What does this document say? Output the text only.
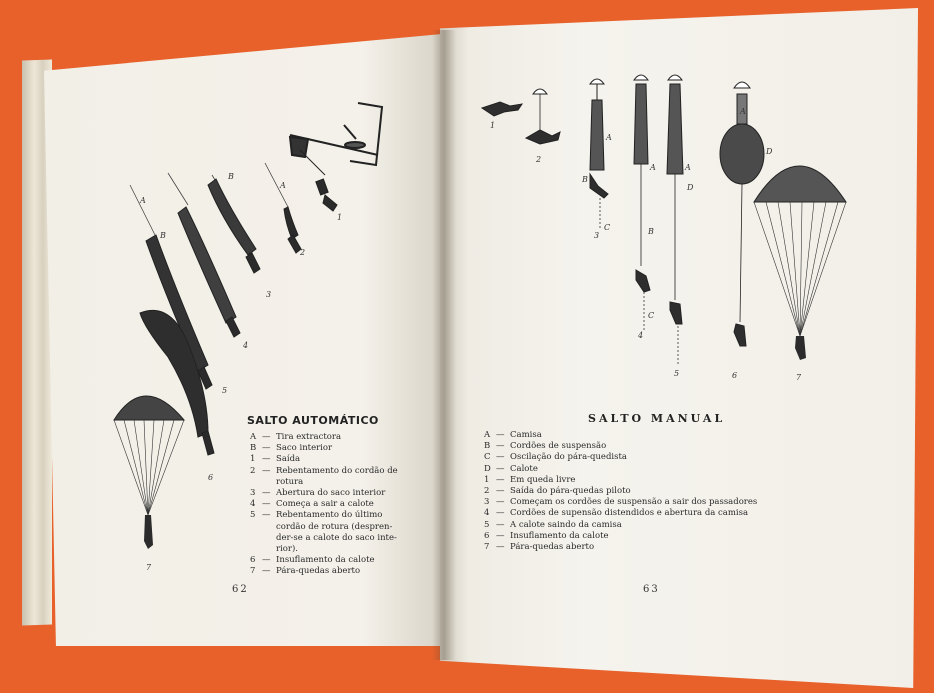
A
B
A
B
1
2
3
4
5
6
7
SALTO AUTOMÁTICO
A — Tira extractora
B — Saco interior
1 — Saída
2 — Rebentamento do cordão de
rotura
3 — Abertura do saco interior
4 — Começa a sair a calote
5 — Rebentamento do último
cordão de rotura (despren-
der-se a calote do saco inte-
rior).
6 — Insuflamento da calote
7 — Pára-quedas aberto
62
A
B
C
A
B
C
A
D
A
D
1
2
3
4
5	6	7
SALTO MANUAL
A — Camisa
B — Cordões de suspensão
C — Oscilação do pára-quedista
D — Calote
1 — Em queda livre
2 — Saída do pára-quedas piloto
3 — Começam os cordões de suspensão a sair dos passadores
4 — Cordões de supensão distendidos e abertura da camisa
5 — A calote saindo da camisa
6 — Insuflamento da calote
7 — Pára-quedas aberto
63
